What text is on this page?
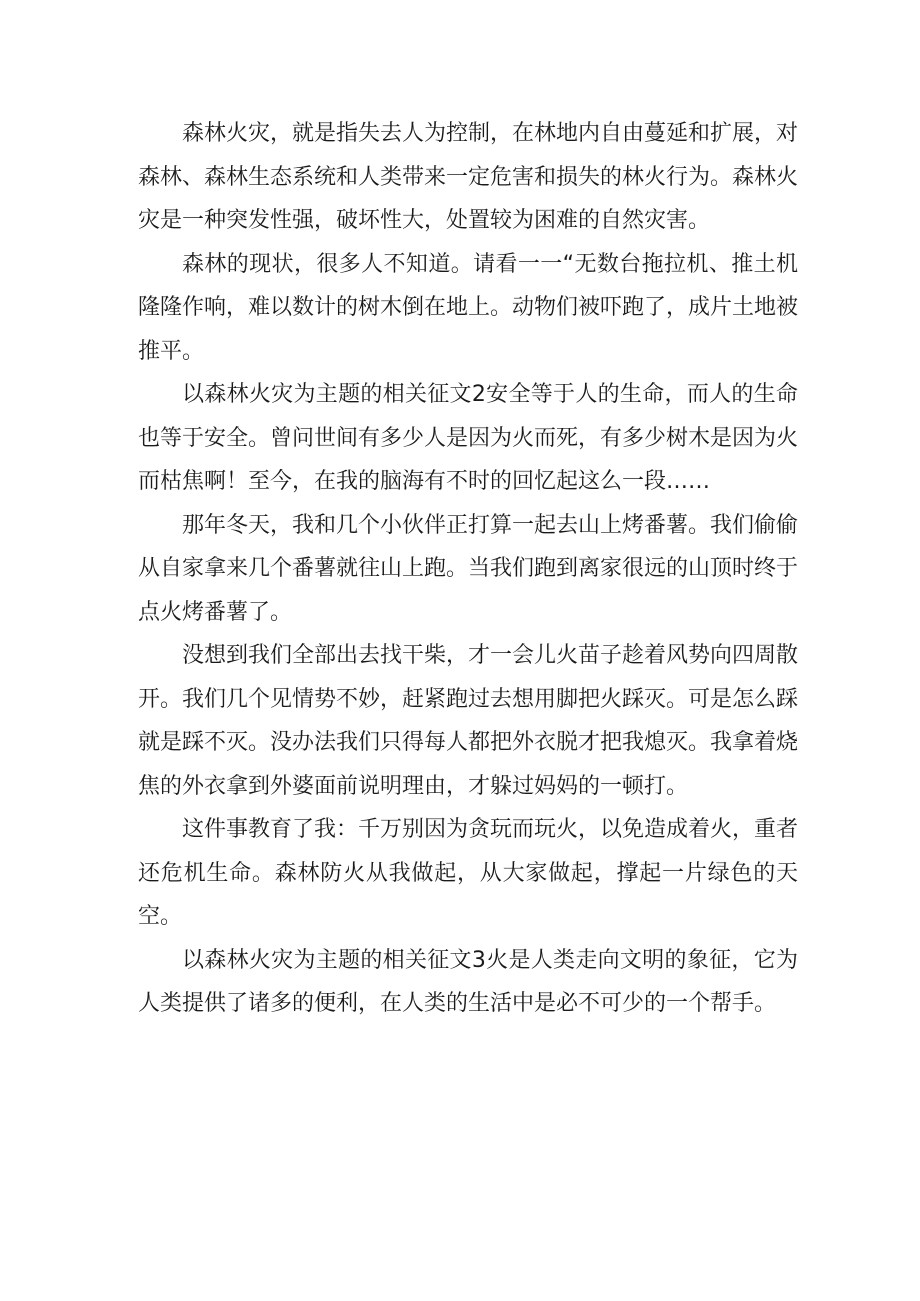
森林火灾，就是指失去人为控制，在林地内自由蔓延和扩展，对森林、森林生态系统和人类带来一定危害和损失的林火行为。森林火灾是一种突发性强，破坏性大，处置较为困难的自然灾害。

森林的现状，很多人不知道。请看一一“无数台拖拉机、推土机隆隆作响，难以数计的树木倒在地上。动物们被吓跑了，成片土地被推平。

以森林火灾为主题的相关征文2安全等于人的生命，而人的生命也等于安全。曾问世间有多少人是因为火而死，有多少树木是因为火而枯焦啊！至今，在我的脑海有不时的回忆起这么一段……

那年冬天，我和几个小伙伴正打算一起去山上烤番薯。我们偷偷从自家拿来几个番薯就往山上跑。当我们跑到离家很远的山顶时终于点火烤番薯了。

没想到我们全部出去找干柴，才一会儿火苗子趁着风势向四周散开。我们几个见情势不妙，赶紧跑过去想用脚把火踩灭。可是怎么踩就是踩不灭。没办法我们只得每人都把外衣脱才把我熄灭。我拿着烧焦的外衣拿到外婆面前说明理由，才躲过妈妈的一顿打。

这件事教育了我：千万别因为贪玩而玩火，以免造成着火，重者还危机生命。森林防火从我做起，从大家做起，撑起一片绿色的天空。

以森林火灾为主题的相关征文3火是人类走向文明的象征，它为人类提供了诸多的便利，在人类的生活中是必不可少的一个帮手。
